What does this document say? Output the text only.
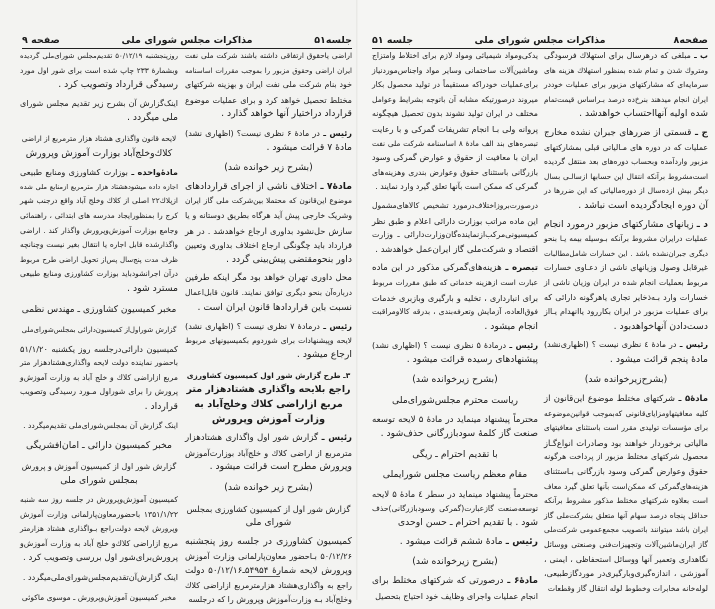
جلسه۵۱
مذاکرات مجلس شورای ملی
صفحه ۹
اراضی یاحقوق ارتفاقی داشته باشند شرکت ملی نفت
ایران اراضی وحقوق مزبور را بموجب مقررات اساسنامه
خود بنام شرکت ملی نفت ایران و بهزینه شرکتهای
مختلط تحصیل خواهد کرد و برای عملیات موضوع
قرارداد دراختیار آنها خواهد گذارد .
رئیس ـ در مادهٔ ۶ نظری نیست؟ (اظهاری نشد)
مادهٔ ۷ قرائت میشود .
(بشرح زیر خوانده شد)
مادهٔ۷ ـ اختلاف ناشی از اجرای قراردادهای
موضوع این‌قانون که محتملا بین‌شرکت ملی گاز ایران
وشریک خارجی پیش آید هرگاه بطریق دوستانه و یا
سازش حل‌نشود بداوری ارجاع خواهدشد . در هر
قرارداد باید چگونگی ارجاع اختلاف بداوری وتعیین
داور بنحومقتضی پیش‌بینی گردد .
محل داوری تهران خواهد بود مگر اینکه طرفین
درباره‌آن بنحو دیگری توافق نمایند. قانون قابل‌اعمال
نسبت باین قراردادها قانون ایران است .
رئیس ـ درمادهٔ ۷ نظری نیست ؟ (اظهاری نشد)
لایحه وپیشنهادات برای شوردوم بکمیسیونهای مربوط
ارجاع میشود .
۳ـ طرح گزارش شور اول کمیسیون کشاورزی
راجع بلایحه واگذاری هشتادهزار متر
مربع ازاراضی کلاك وخلج‌آباد به
وزارت آموزش وپرورش
رئیس ـ گزارش شور اول واگذاری هشتادهزار
مترمربع از اراضی کلاك و خلج‌آباد بوزارت‌آموزش
وپرورش مطرح است قرائت میشود .
(بشرح زیر خوانده شد)
گزارش شور اول از کمیسیون کشاورزی بمجلس
شورای ملی
کمیسیون کشاورزی در جلسه روز پنجشنبه
۵۰/۱۲/۲۶ بـاحضور معاون‌پارلمانی وزارت آموزش
وپرورش لایحه شمارهٔ ۵۴۹۵۴ـ۵۰/۱۲/۱۶ دولت
راجع به واگذاری‌هشتاد هزارمترمربع ازاراضی کلاك
وخلج‌آباد بـه وزارت‌آموزش وپرورش را که درجلسه
روزپنجشنبه ۵۰/۱۲/۱۹ تقدیم‌مجلس شورای‌ملی گردیده
وبشمارهٔ ۲۳۳ چاپ شده است برای شور اول مورد
رسیدگی قرارداد وتصویب کرد .
اینک‌گزارش آن بشرح زیر تقدیم مجلس شورای
ملی میگردد .
لایحه قانون واگذاری هشتاد هزار مترمربع از اراضی
کلاك‌وخلج‌آباد بوزارت آموزش وپرورش
مادهٔ‌واحده ـ بوزارت کشاورزی ومنابع طبیعی
اجازه داده میشودهشتاد هزار مترمربع ازمنابع ملی شده
ازپلاك۲۲ اصلی از کلاك وخلج آباد واقع درجنب شهر
کرج را بمنظورایجاد مدرسه های ابتدائی ، راهنمائی
وجامع بوزارت آموزش‌وپرورش واگذار کند . اراضی
واگذارشده قابل اجاره یا انتقال بغیر نیست وچنانچه
ظرف مدت پنج‌سال پس‌از تحویل اراضی طرح مربوط
درآن اجرانشودباید بوزارت کشاورزی ومنابع طبیعی
مسترد شود .
مخبر کمیسیون کشاورزی ـ مهندس نظمی
گزارش شوراول‌از کمیسیون‌دارائی بمجلس‌شورای‌ملی
کمیسیون دارائی‌درجلسه روز یکشنبه ۵۱/۱/۲۰
باحضور نماینده دولت لایحه واگذاری‌هشتادهزار متر
مربع ازاراضی کلاك و خلج آباد به وزارت آموزش‌و
پرورش را برای شوراول مـورد رسیدگی وتصویب
قرارداد .
اینک گزارش آن بمجلس‌شورای‌ملی تقدیم‌میگردد .
مخبر کمیسیون دارائی ـ امان‌افشریگی
گزارش شور اول از کمیسیون آموزش و پرورش
بمجلس شورای ملی
کمیسیون آموزش‌وپرورش در جلسه روز سه شنبه
۱۳۵۱/۱/۲۲ باحضورمعاون‌پارلمانی وزارت آموزش
وپرورش لایحه دولت‌راجع بـواگذاری هشتاد هزارمتر
مربع ازاراضی کلاك‌و خلج آباد به وزارت آموزش‌و
پرورش‌برای‌شور اول بررسی وتصویب کرد .
اینک گزارش‌آن‌تقدیم‌مجلس‌شورای‌ملی‌میگردد .
مخبر کمیسیون آموزش‌وپرورش ـ موسوی ماکوئی
صفحه۸
مذاکرات مجلس شورای ملی
جلسه ۵۱
ب ـ مبلغی که درهرسال برای استهلاك فرسودگی
ومتروك شدن و تمام شده بمنظور استهلاك هزینه های
سرمایه‌ای که مشارکتهای مزبور برای عملیات خوددر
ایران انجام میدهند بنرخ‌ده درصد بـراساس قیمت‌تمام
شده اولیه آنهااحتساب خواهدشد .
ج ـ قسمتی از ضررهای جبران نشده مخارج
عملیات که در دوره های مـالیاتی قبلی بمشارکتهای
مزبور واردآمده وبحساب دوره‌های بعد منتقل گردیده
است‌مشروط برآنکه انتقال این حسابها ازسالـی بسال
دیگر بیش ازده‌سال از دوره‌مالیاتی که این ضررها در
آن دوره ایجادگردیده است نباشد .
د ـ زیانهای مشارکتهای مزبور درمورد انجام
عملیات درایران مشروط برآنکه بـوسیله بیمه یـا بنحو
دیگری جبران‌نشده باشد . این خسارات شامل‌مطالبات
غیرقابل وصول وزیانهای ناشی از دعـاوی خسارات
مربوط بعملیات انجام شده در ایران وزیان ناشی از
خسارات وارد بـه‌ذخایر تجاری یاهرگونه دارائی که
برای عملیات مزبور در ایران بکاررود یاانهدام یـااز
دست‌دادن آنهاخواهدبود .
رئیس ـ در مادهٔ ٤ نظری نیست ؟ (اظهاری‌نشد)
مادهٔ پنجم قرائت میشود .
(بشرح‌زیرخوانده شد)
مادهٔ۵ ـ شرکتهای مختلط موضوع این‌قانون از
کلیه معافیتهاومزایای‌قانونی که‌بموجب قوانین‌موضوعه
برای مؤسسات تولیدی مقرر است باستثنای معافیتهای
مالیاتی برخوردار خواهند بود وصادرات انواع‌گـاز
محصول شرکتهای مختلط مزبور از پرداخت هرگونه
حقوق وعوارض گمرکی وسود بازرگانی بـاستثنای
هزینه‌های‌گمرکی که ممکن‌است بآنها تعلق گیرد معاف
است بعلاوه شرکتهای مختلط مذکور مشروط برآنکه
حداقل پنجاه درصد سهام آنها متعلق بشرکت‌ملی گاز
ایران باشد میتوانند باتصویب مجمع‌عمومی شرکت‌ملی
گاز ایران‌ماشین‌آلات وتجهیزات‌فنی وصنعتی ووسائل
نگاهداری وتعمیر آنها ووسائل استحفاظی ، ایمنی ،
آموزشی ، اندازه‌گیری‌وبارگیری‌در مورد‌گازطبیعی،
لوله‌خانه مخابرات وخطوط لوله انتقال گاز وقطعات
یدکی‌ومواد شیمیائی ومواد لازم برای اختلاط وامتزاج
وماشین‌آلات ساختمانی وسایر مواد واجناس‌موردنیاز
برای‌عملیات خودراکه مستقیماً در تولید محصول بکار
میروند درصورتیکه مشابه آن باتوجه بشرایط وعوامل
مختلف در ایران تولید نشوند بدون تحصیل هیچگونه
پروانه ولی بـا انجام تشریفات گمرکی و با رعایت
تبصره‌های بند الف مادهٔ ۸ اساسنامه شرکت ملی نفت
ایران با معافیت از حقوق و عوارض گمرکی وسود
بازرگانی باستثنای حقوق وعوارض بندری وهزینه‌های
گمرکی که ممکن است بآنها تعلق گیرد وارد نمایند .
درصورت‌بروزاختلاف‌درمورد تشخیص کالاهای‌مشمول
این ماده مراتب بوزارت دارائی اعلام و طبق نظر
کمیسیونی‌مرکب‌ازنماینده‌گان‌وزارت‌دارائی ـ وزارت
اقتصاد و شرکت‌ملی گاز ایران‌عمل خواهدشد .
تبصره ـ هزینه‌های‌گمرکی مذکور در این ماده
عبارت است ازهزینه خدماتی که طبق مقررات مربوط
برای انبارداری ، تخلیه و بارگیری وبازبری خدمات
فوق‌العاده، آزمایش وتعرفه‌بندی ، بدرقه کالاومراقبت
انجام میشود .
رئیس ـ درمادهٔ ۵ نظری نیست ؟ (اظهاری نشد)
پیشنهادهای رسیده قرائت میشود .
(بشرح زیرخوانده شد)
ریاست محترم مجلس‌شورای‌ملی
محترماً پیشنهاد مینماید در مادهٔ ۵ لایحه توسعه
صنعت گاز کلمهٔ سودبازرگانی حذف‌شود .
با تقدیم احترام ـ ریگی
مقام معظم ریاست مجلس شورایملی
محترماً پیشنهاد مینماید در سطر ٤ مادهٔ ۵ لایحه
توسعه‌صنعت گازعبارت(گمرکی وسودبازرگانی)حذف
شود . با تقدیم احترام ـ حسن اوحدی
رئیس ـ مادهٔ ششم قرائت میشود .
(بشرح زیرخوانده شد)
مادهٔ۶ ـ درصورتی که شرکتهای مختلط برای
انجام عملیات واجرای وظایف خود احتیاج بتحصیل
